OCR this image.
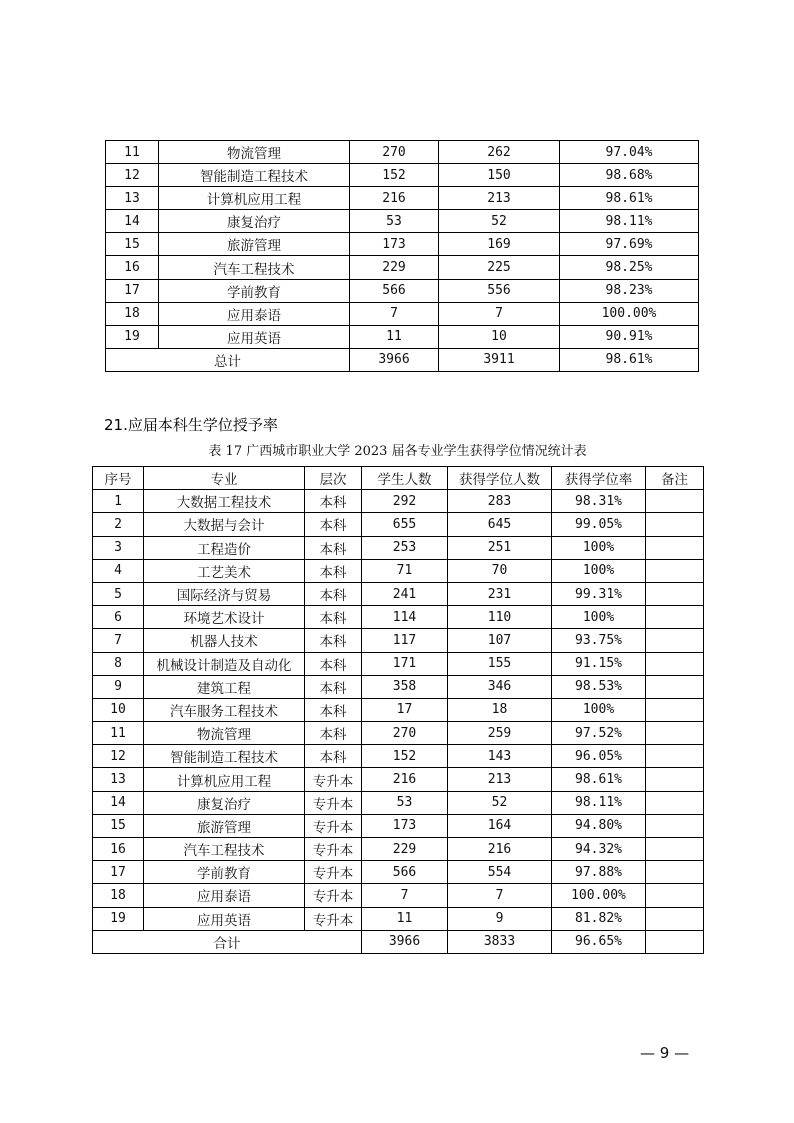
11	物流管理	270	262	97.04%
12	智能制造工程技术	152	150	98.68%
13	计算机应用工程	216	213	98.61%
14	康复治疗	53	52	98.11%
15	旅游管理	173	169	97.69%
16	汽车工程技术	229	225	98.25%
17	学前教育	566	556	98.23%
18	应用泰语	7	7	100.00%
19	应用英语	11	10	90.91%
总计		3966	3911	98.61%
21.应届本科生学位授予率
表 17 广西城市职业大学 2023 届各专业学生获得学位情况统计表
序号	专业	层次	学生人数	获得学位人数	获得学位率	备注
1	大数据工程技术	本科	292	283	98.31%	
2	大数据与会计	本科	655	645	99.05%	
3	工程造价	本科	253	251	100%	
4	工艺美术	本科	71	70	100%	
5	国际经济与贸易	本科	241	231	99.31%	
6	环境艺术设计	本科	114	110	100%	
7	机器人技术	本科	117	107	93.75%	
8	机械设计制造及自动化	本科	171	155	91.15%	
9	建筑工程	本科	358	346	98.53%	
10	汽车服务工程技术	本科	17	18	100%	
11	物流管理	本科	270	259	97.52%	
12	智能制造工程技术	本科	152	143	96.05%	
13	计算机应用工程	专升本	216	213	98.61%	
14	康复治疗	专升本	53	52	98.11%	
15	旅游管理	专升本	173	164	94.80%	
16	汽车工程技术	专升本	229	216	94.32%	
17	学前教育	专升本	566	554	97.88%	
18	应用泰语	专升本	7	7	100.00%	
19	应用英语	专升本	11	9	81.82%	
合计			3966	3833	96.65%	
— 9 —
